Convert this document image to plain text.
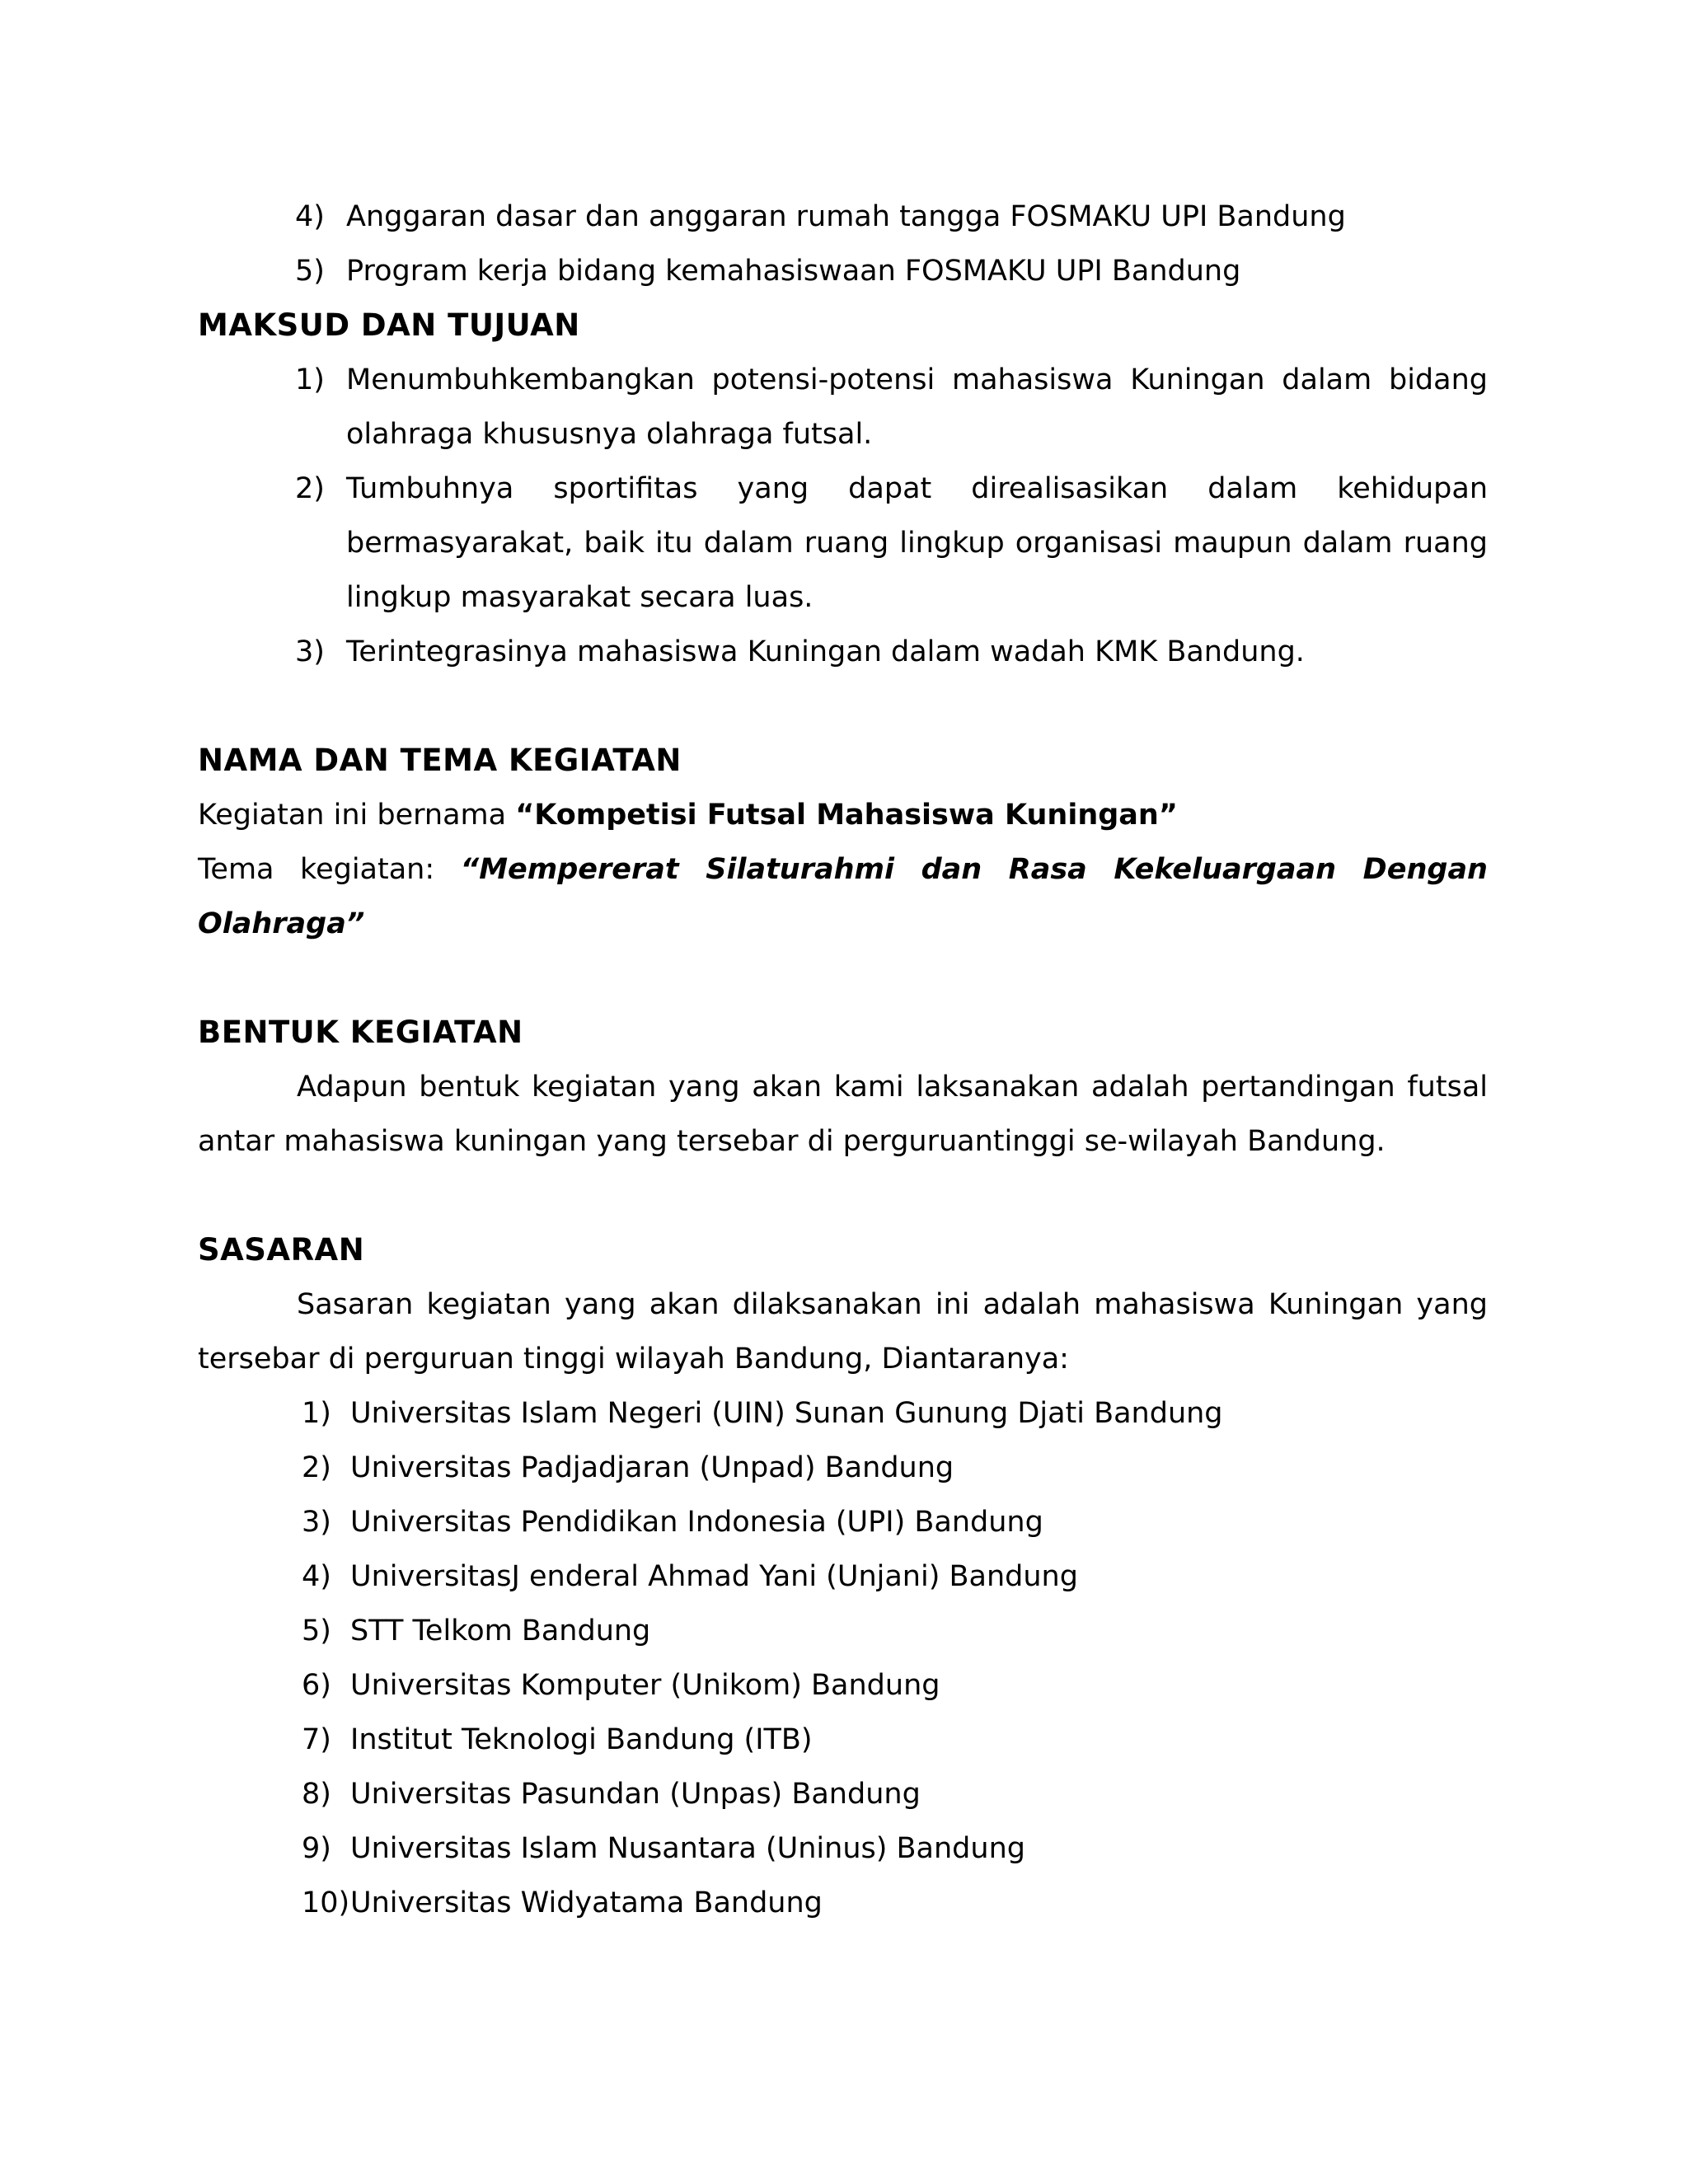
4) Anggaran dasar dan anggaran rumah tangga FOSMAKU UPI Bandung
5) Program kerja bidang kemahasiswaan FOSMAKU UPI Bandung
MAKSUD DAN TUJUAN
1) Menumbuhkembangkan potensi-potensi mahasiswa Kuningan dalam bidang olahraga khususnya olahraga futsal.
2) Tumbuhnya sportifitas yang dapat direalisasikan dalam kehidupan bermasyarakat, baik itu dalam ruang lingkup organisasi maupun dalam ruang lingkup masyarakat secara luas.
3) Terintegrasinya mahasiswa Kuningan dalam wadah KMK Bandung.
NAMA DAN TEMA KEGIATAN

Kegiatan ini bernama “Kompetisi Futsal Mahasiswa Kuningan”

Tema kegiatan: “Mempererat Silaturahmi dan Rasa Kekeluargaan Dengan Olahraga”

BENTUK KEGIATAN

Adapun bentuk kegiatan yang akan kami laksanakan adalah pertandingan futsal antar mahasiswa kuningan yang tersebar di perguruantinggi se-wilayah Bandung.

SASARAN

Sasaran kegiatan yang akan dilaksanakan ini adalah mahasiswa Kuningan yang tersebar di perguruan tinggi wilayah Bandung, Diantaranya:

1) Universitas Islam Negeri (UIN) Sunan Gunung Djati Bandung
2) Universitas Padjadjaran (Unpad) Bandung
3) Universitas Pendidikan Indonesia (UPI) Bandung
4) UniversitasJ enderal Ahmad Yani (Unjani) Bandung
5) STT Telkom Bandung
6) Universitas Komputer (Unikom) Bandung
7) Institut Teknologi Bandung (ITB)
8) Universitas Pasundan (Unpas) Bandung
9) Universitas Islam Nusantara (Uninus) Bandung
10) Universitas Widyatama Bandung
